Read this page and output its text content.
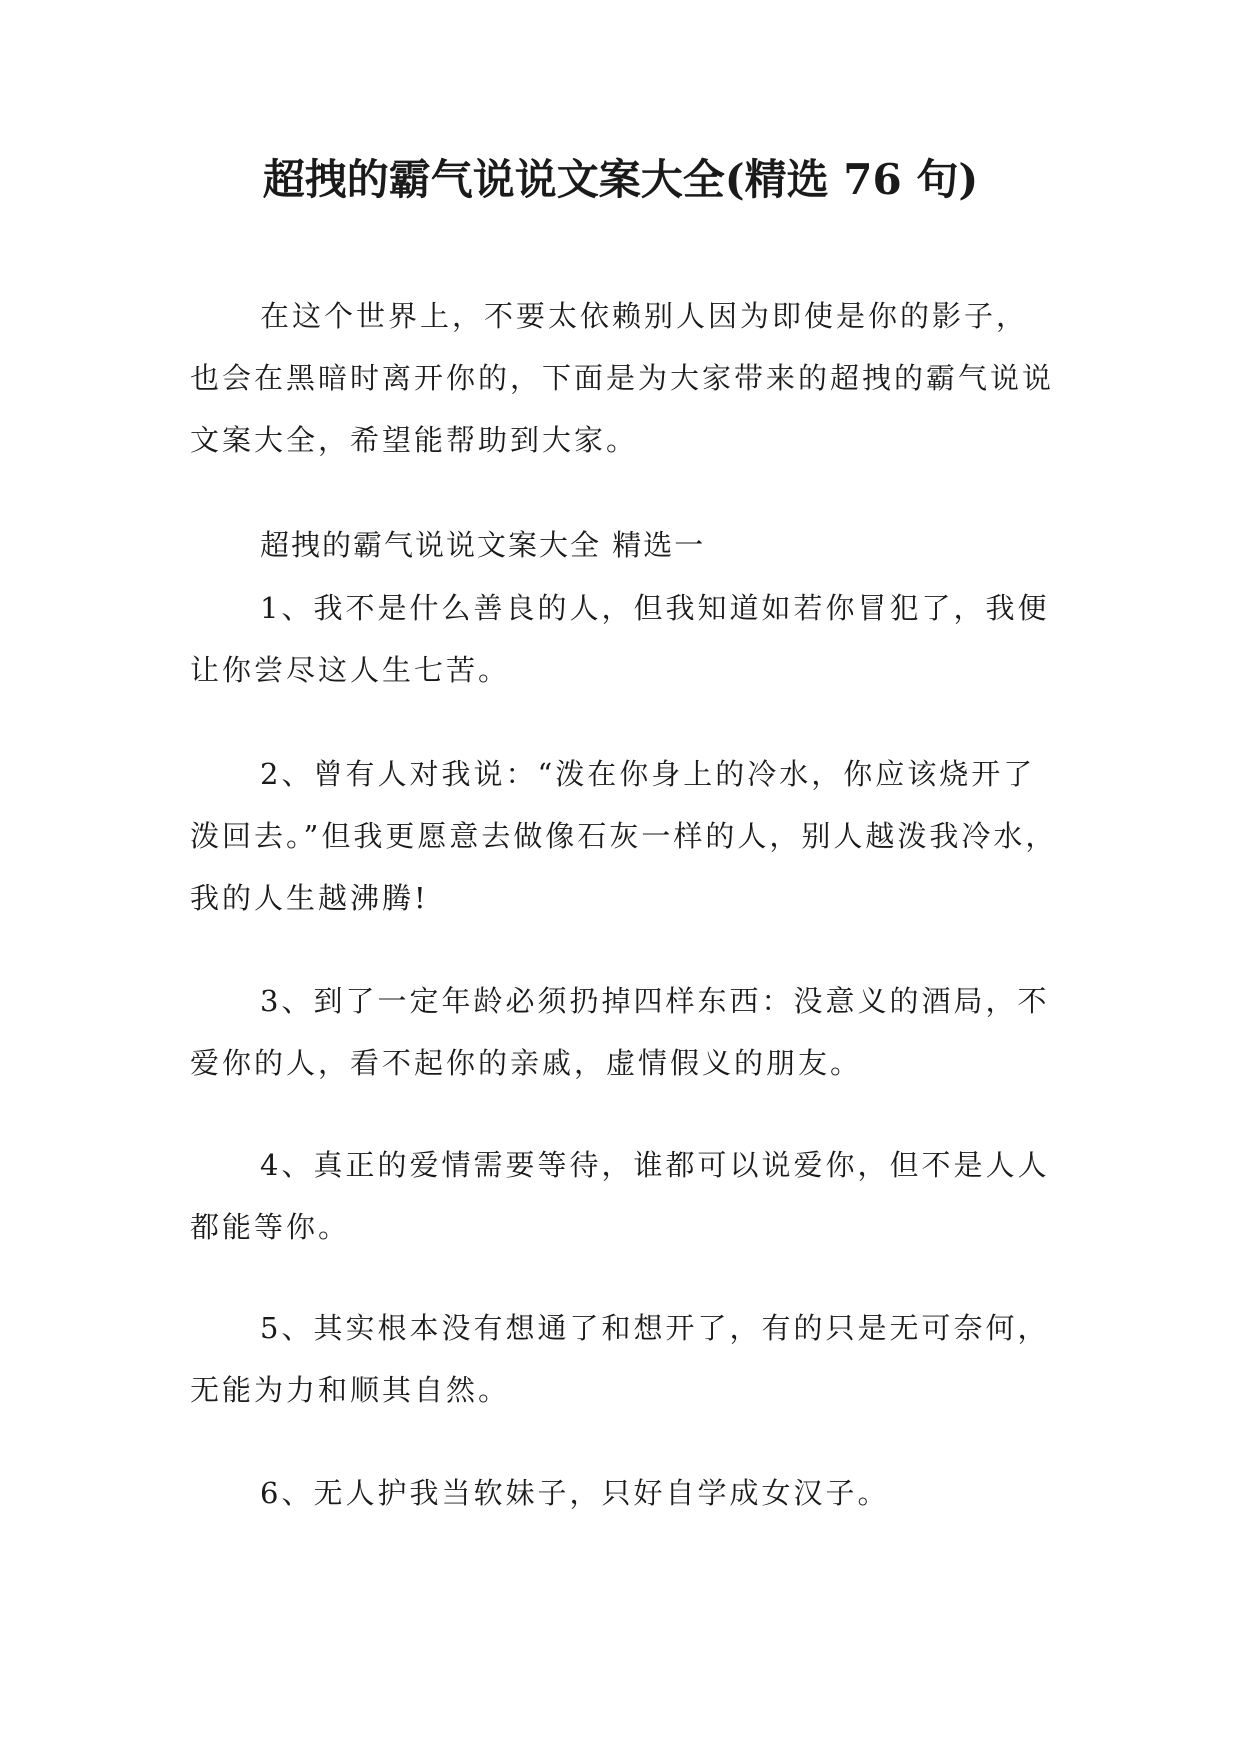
超拽的霸气说说文案大全(精选 76 句)

在这个世界上，不要太依赖别人因为即使是你的影子，也会在黑暗时离开你的，下面是为大家带来的超拽的霸气说说文案大全，希望能帮助到大家。

超拽的霸气说说文案大全 精选一

1、我不是什么善良的人，但我知道如若你冒犯了，我便让你尝尽这人生七苦。

2、曾有人对我说：“泼在你身上的冷水，你应该烧开了泼回去。”但我更愿意去做像石灰一样的人，别人越泼我冷水，我的人生越沸腾!

3、到了一定年龄必须扔掉四样东西：没意义的酒局，不爱你的人，看不起你的亲戚，虚情假义的朋友。

4、真正的爱情需要等待，谁都可以说爱你，但不是人人都能等你。

5、其实根本没有想通了和想开了，有的只是无可奈何，无能为力和顺其自然。

6、无人护我当软妹子，只好自学成女汉子。
